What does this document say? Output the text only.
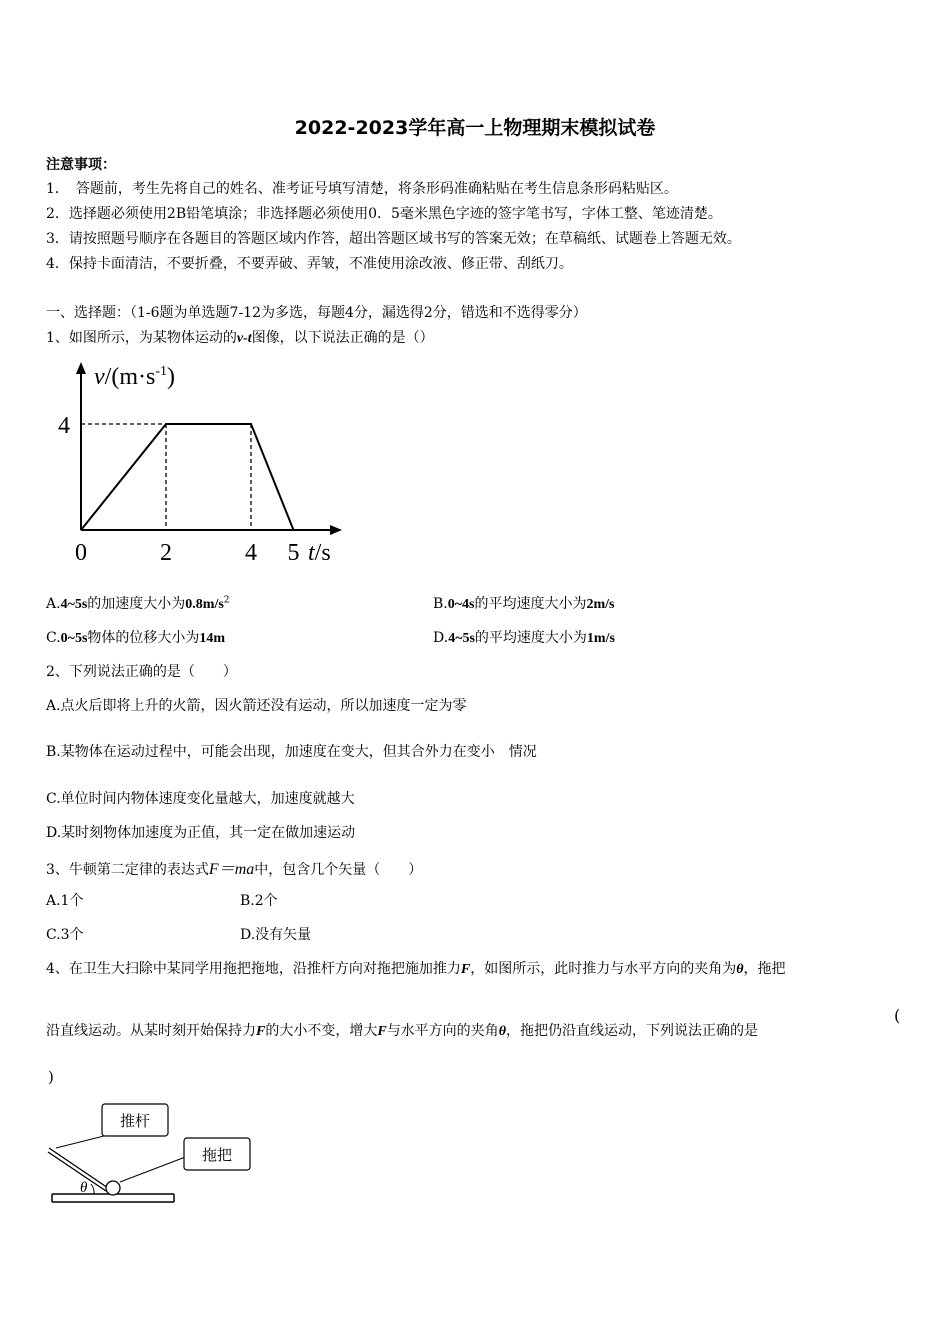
2022-2023学年高一上物理期末模拟试卷
注意事项：
1．　答题前，考生先将自己的姓名、准考证号填写清楚，将条形码准确粘贴在考生信息条形码粘贴区。
2．选择题必须使用2B铅笔填涂；非选择题必须使用0．5毫米黑色字迹的签字笔书写，字体工整、笔迹清楚。
3．请按照题号顺序在各题目的答题区域内作答，超出答题区域书写的答案无效；在草稿纸、试题卷上答题无效。
4．保持卡面清洁，不要折叠，不要弄破、弄皱，不准使用涂改液、修正带、刮纸刀。
一、选择题：（1-6题为单选题7-12为多选，每题4分，漏选得2分，错选和不选得零分）
1、如图所示，为某物体运动的v-t图像，以下说法正确的是（）
$v/(m\cdot s^{-1})$
t/s
4
0	2	4 5
A.4~5s的加速度大小为$0.8m/s^2$	B.0~4s的平均速度大小为2m/s
C.0~5s物体的位移大小为14m	D.4~5s的平均速度大小为1m/s
2、下列说法正确的是（　　）
A.点火后即将上升的火箭，因火箭还没有运动，所以加速度一定为零
B.某物体在运动过程中，可能会出现，加速度在变大，但其合外力在变小　情况
C.单位时间内物体速度变化量越大，加速度就越大
D.某时刻物体加速度为正值，其一定在做加速运动
3、牛顿第二定律的表达式F＝ma中，包含几个矢量（　　）
A.1个	B.2个
C.3个	D.没有矢量
4、在卫生大扫除中某同学用拖把拖地，沿推杆方向对拖把施加推力F，如图所示，此时推力与水平方向的夹角为θ，拖把
沿直线运动。从某时刻开始保持力F的大小不变，增大F与水平方向的夹角θ，拖把仍沿直线运动，下列说法正确的是
(
)
θ
推杆
拖把
